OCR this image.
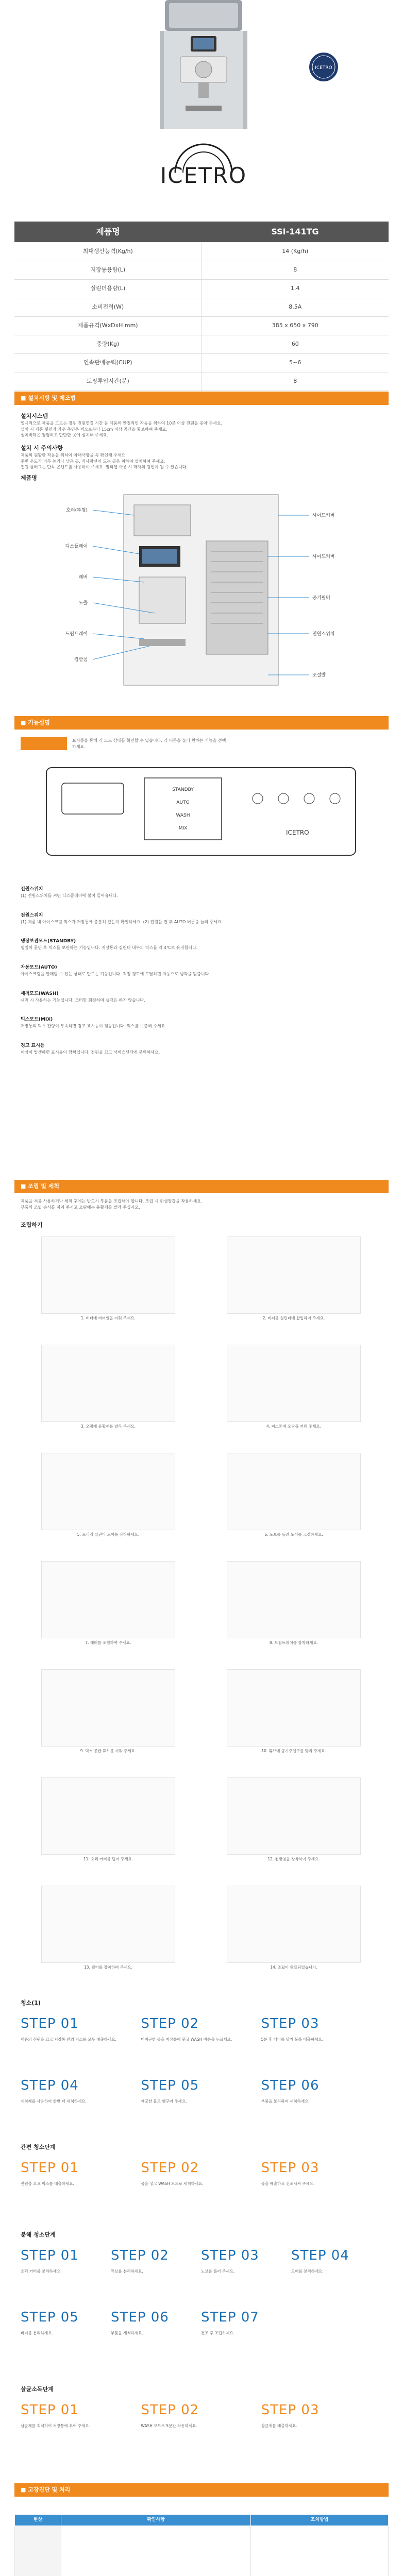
ICETRO
ICETRO
제품명	SSI-141TG
최대생산능력(Kg/h)	14 (Kg/h)
저장통용량(L)	8
실린더용량(L)	1.4
소비전력(W)	8.5A
제품규격(WxDxH mm)	385 x 650 x 790
중량(Kg)	60
연속판매능력(CUP)	5~6
토핑투입시간(분)	8
■ 설치시방 및 제조법
설치시스템
일시적으로 제품을 고르는 경우 전원연결 시간 등 제품의 안정적인 작동을 위하여 10분 이상 전원을 꽂아 두세요.
설치 시 제품 뒷면과 좌우 측면은 벽으로부터 15cm 이상 공간을 확보하여 주세요.
설치바닥은 평평하고 단단한 곳에 설치해 주세요.
설치 시 주의사항
제품의 원활한 작동을 위하여 아래사항을 꼭 확인해 주세요.
주변 온도가 너무 높거나 낮은 곳, 직사광선이 드는 곳은 피하여 설치하여 주세요.
전원 플러그는 단독 콘센트를 사용하여 주세요. 멀티탭 사용 시 화재의 원인이 될 수 있습니다.
제품명
호퍼(뚜껑)
디스플레이
레버
노즐
드립트레이
컵받침
사이드커버
사이드커버
공기필터
전원스위치
조절발
■ 기능설명
표시등을 통해 각 모드 상태를 확인할 수 있습니다. 각 버튼을 눌러 원하는 기능을 선택하세요.
STANDBY
AUTO
WASH
MIX
ICETRO
전원스위치
(1) 전원스위치를 켜면 디스플레이에 불이 들어옵니다.
전원스위치
(1) 제품 내 아이스크림 믹스가 저장통에 충분히 있는지 확인하세요. (2) 전원을 켠 후 AUTO 버튼을 눌러 주세요.
냉장보관모드(STANDBY)
영업이 끝난 후 믹스를 보관하는 기능입니다. 저장통과 실린더 내부의 믹스를 약 4℃로 유지합니다.
자동모드(AUTO)
아이스크림을 판매할 수 있는 상태로 만드는 기능입니다. 적정 경도에 도달하면 자동으로 냉각을 멈춥니다.
세척모드(WASH)
세척 시 사용하는 기능입니다. 모터만 회전하며 냉각은 하지 않습니다.
믹스모드(MIX)
저장통의 믹스 잔량이 부족하면 경고 표시등이 점등됩니다. 믹스를 보충해 주세요.
경고 표시등
이상이 발생하면 표시등이 깜빡입니다. 전원을 끄고 서비스센터에 문의하세요.
■ 조립 및 세척
제품을 처음 사용하거나 세척 후에는 반드시 부품을 조립해야 합니다. 조립 시 위생장갑을 착용하세요.
부품의 조립 순서를 지켜 주시고 오링에는 윤활제를 발라 주십시오.
조립하기
1. 비터에 비터씰을 끼워 주세요.	2. 비터를 실린더에 삽입하여 주세요.
3. 오링에 윤활제를 발라 주세요.	4. 피스톤에 오링을 끼워 주세요.
5. 프리징 실린더 도어를 장착하세요.	6. 노브를 돌려 도어를 고정하세요.
7. 레버를 조립하여 주세요.	8. 드립트레이를 장착하세요.
9. 믹스 공급 튜브를 끼워 주세요.	10. 튜브에 공기주입구를 맞춰 주세요.
11. 호퍼 커버를 덮어 주세요.	12. 컵받침을 장착하여 주세요.
13. 필터를 장착하여 주세요.	14. 조립이 완료되었습니다.
청소(1)
STEP 01
제품의 전원을 끄고 저장통 안의 믹스를 모두 배출하세요.
STEP 02
미지근한 물을 저장통에 붓고 WASH 버튼을 누르세요.
STEP 03
5분 후 레버를 당겨 물을 배출하세요.
STEP 04
세척제를 사용하여 한번 더 세척하세요.
STEP 05
깨끗한 물로 헹구어 주세요.
STEP 06
부품을 분리하여 세척하세요.
간편 청소단계
STEP 01
전원을 끄고 믹스를 배출하세요.
STEP 02
물을 넣고 WASH 모드로 세척하세요.
STEP 03
물을 배출하고 건조시켜 주세요.
분해 청소단계
STEP 01
호퍼 커버를 분리하세요.
STEP 02
튜브를 분리하세요.
STEP 03
노브를 풀어 주세요.
STEP 04
도어를 분리하세요.
STEP 05
비터를 분리하세요.
STEP 06
부품을 세척하세요.
STEP 07
건조 후 조립하세요.
살균소독단계
STEP 01
살균제를 희석하여 저장통에 부어 주세요.
STEP 02
WASH 모드로 5분간 작동하세요.
STEP 03
살균제를 배출하세요.
■ 고장진단 및 처리
현상	확인사항	조치방법
